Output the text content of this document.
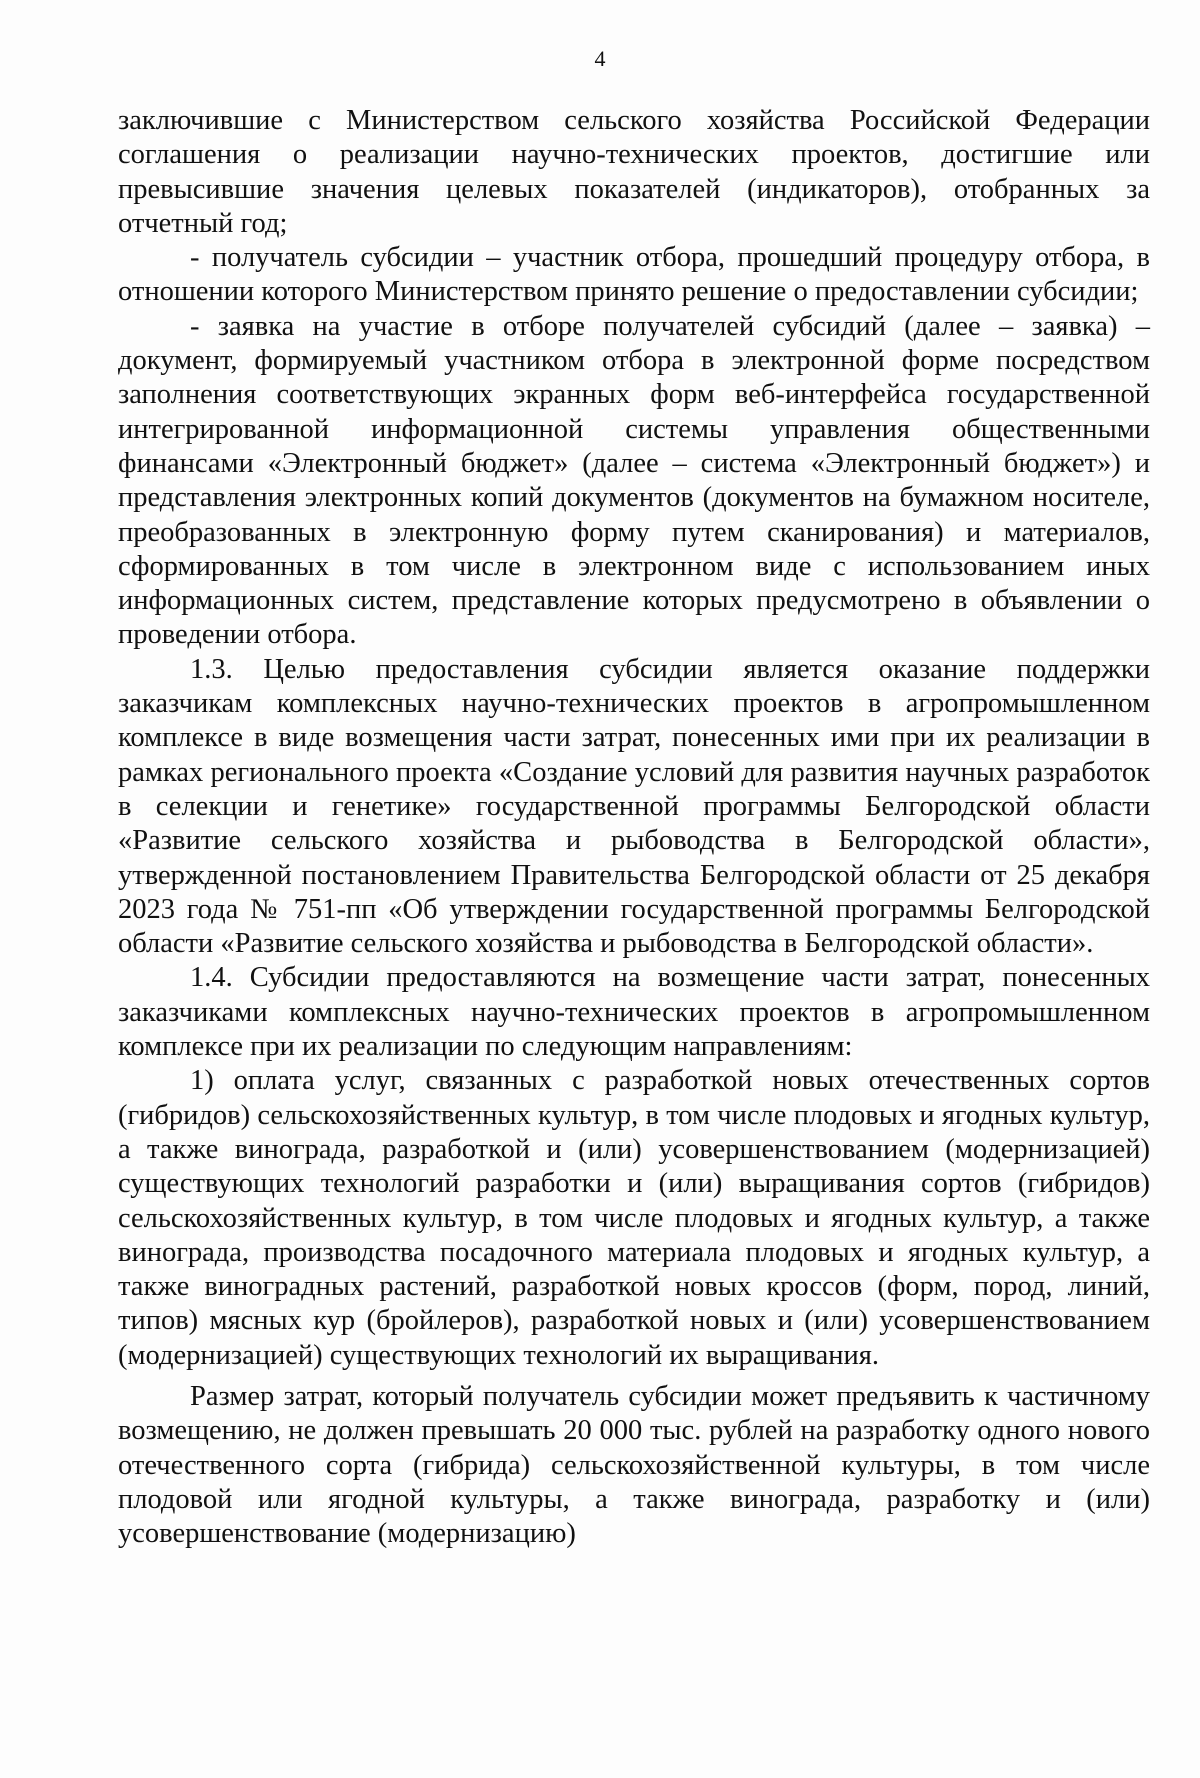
4

заключившие с Министерством сельского хозяйства Российской Федерации соглашения о реализации научно-технических проектов, достигшие или превысившие значения целевых показателей (индикаторов), отобранных за отчетный год;

- получатель субсидии – участник отбора, прошедший процедуру отбора, в отношении которого Министерством принято решение о предоставлении субсидии;

- заявка на участие в отборе получателей субсидий (далее – заявка) – документ, формируемый участником отбора в электронной форме посредством заполнения соответствующих экранных форм веб-интерфейса государственной интегрированной информационной системы управления общественными финансами «Электронный бюджет» (далее – система «Электронный бюджет») и представления электронных копий документов (документов на бумажном носителе, преобразованных в электронную форму путем сканирования) и материалов, сформированных в том числе в электронном виде с использованием иных информационных систем, представление которых предусмотрено в объявлении о проведении отбора.

1.3. Целью предоставления субсидии является оказание поддержки заказчикам комплексных научно-технических проектов в агропромышленном комплексе в виде возмещения части затрат, понесенных ими при их реализации в рамках регионального проекта «Создание условий для развития научных разработок в селекции и генетике» государственной программы Белгородской области «Развитие сельского хозяйства и рыбоводства в Белгородской области», утвержденной постановлением Правительства Белгородской области от 25 декабря 2023 года № 751-пп «Об утверждении государственной программы Белгородской области «Развитие сельского хозяйства и рыбоводства в Белгородской области».

1.4. Субсидии предоставляются на возмещение части затрат, понесенных заказчиками комплексных научно-технических проектов в агропромышленном комплексе при их реализации по следующим направлениям:

1) оплата услуг, связанных с разработкой новых отечественных сортов (гибридов) сельскохозяйственных культур, в том числе плодовых и ягодных культур, а также винограда, разработкой и (или) усовершенствованием (модернизацией) существующих технологий разработки и (или) выращивания сортов (гибридов) сельскохозяйственных культур, в том числе плодовых и ягодных культур, а также винограда, производства посадочного материала плодовых и ягодных культур, а также виноградных растений, разработкой новых кроссов (форм, пород, линий, типов) мясных кур (бройлеров), разработкой новых и (или) усовершенствованием (модернизацией) существующих технологий их выращивания.

Размер затрат, который получатель субсидии может предъявить к частичному возмещению, не должен превышать 20 000 тыс. рублей на разработку одного нового отечественного сорта (гибрида) сельскохозяйственной культуры, в том числе плодовой или ягодной культуры, а также винограда, разработку и (или) усовершенствование (модернизацию)
